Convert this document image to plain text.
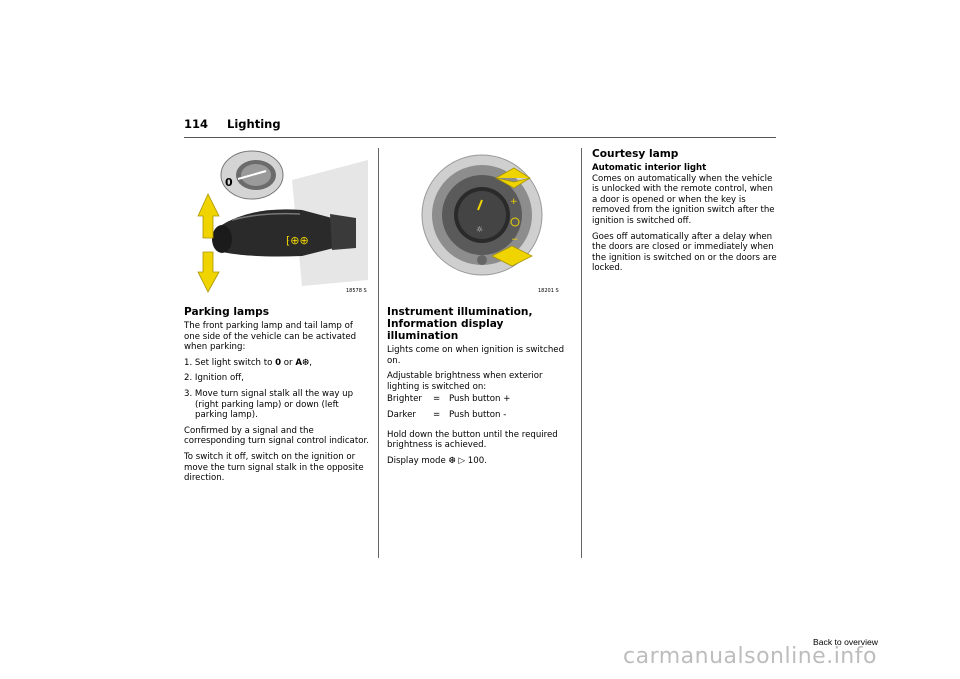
114 Lighting
0
⁅⊕⊕
18578 S
☼
+
−
18201 S

Parking lamps

The front parking lamp and tail lamp of one side of the vehicle can be activated when parking:

1. Set light switch to 0 or A❆,

2. Ignition off,

3. Move turn signal stalk all the way up (right parking lamp) or down (left parking lamp).

Confirmed by a signal and the corresponding turn signal control indicator.

To switch it off, switch on the ignition or move the turn signal stalk in the opposite direction.

Instrument illumination, Information display illumination

Lights come on when ignition is switched on.

Adjustable brightness when exterior lighting is switched on:

Brighter	=	Push button +
Darker	=	Push button -

Hold down the button until the required brightness is achieved.

Display mode ❆ ▷ 100.

Courtesy lamp

Automatic interior light

Comes on automatically when the vehicle is unlocked with the remote control, when a door is opened or when the key is removed from the ignition switch after the ignition is switched off.

Goes off automatically after a delay when the doors are closed or immediately when the ignition is switched on or the doors are locked.

Back to overview
carmanualsonline.info
